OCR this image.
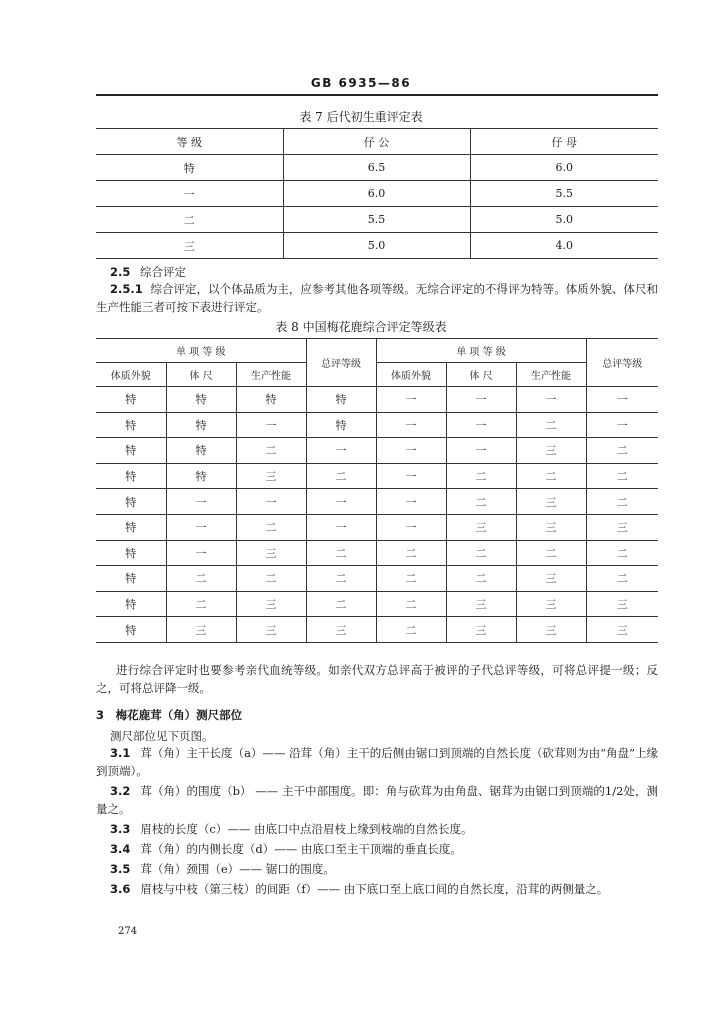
GB 6935—86
表 7 后代初生重评定表
等 级	仔 公	仔 母
特	6.5	6.0
一	6.0	5.5
二	5.5	5.0
三	5.0	4.0
2.5 综合评定
2.5.1 综合评定，以个体品质为主，应参考其他各项等级。无综合评定的不得评为特等。体质外貌、体尺和生产性能三者可按下表进行评定。
表 8 中国梅花鹿综合评定等级表
单 项 等 级			总评等级	单 项 等 级			总评等级
体质外貌	体 尺	生产性能		体质外貌	体 尺	生产性能	
特	特	特	特	一	一	一	一
特	特	一	特	一	一	二	一
特	特	二	一	一	一	三	二
特	特	三	二	一	二	二	二
特	一	一	一	一	二	三	二
特	一	二	一	一	三	三	三
特	一	三	二	二	二	二	二
特	二	二	二	二	二	三	二
特	二	三	二	二	三	三	三
特	三	三	三	二	三	三	三
进行综合评定时也要参考亲代血统等级。如亲代双方总评高于被评的子代总评等级，可将总评提一级；反之，可将总评降一级。
3 梅花鹿茸（角）测尺部位
测尺部位见下页图。
3.1 茸（角）主干长度（a）—— 沿茸（角）主干的后侧由锯口到顶端的自然长度（砍茸则为由“角盘”上缘到顶端）。
3.2 茸（角）的围度（b） —— 主干中部围度。即：角与砍茸为由角盘、锯茸为由锯口到顶端的1/2处，测量之。
3.3 眉枝的长度（c）—— 由底口中点沿眉枝上缘到枝端的自然长度。
3.4 茸（角）的内侧长度（d）—— 由底口至主干顶端的垂直长度。
3.5 茸（角）颈围（e）—— 锯口的围度。
3.6 眉枝与中枝（第三枝）的间距（f）—— 由下底口至上底口间的自然长度，沿茸的两侧量之。
274
